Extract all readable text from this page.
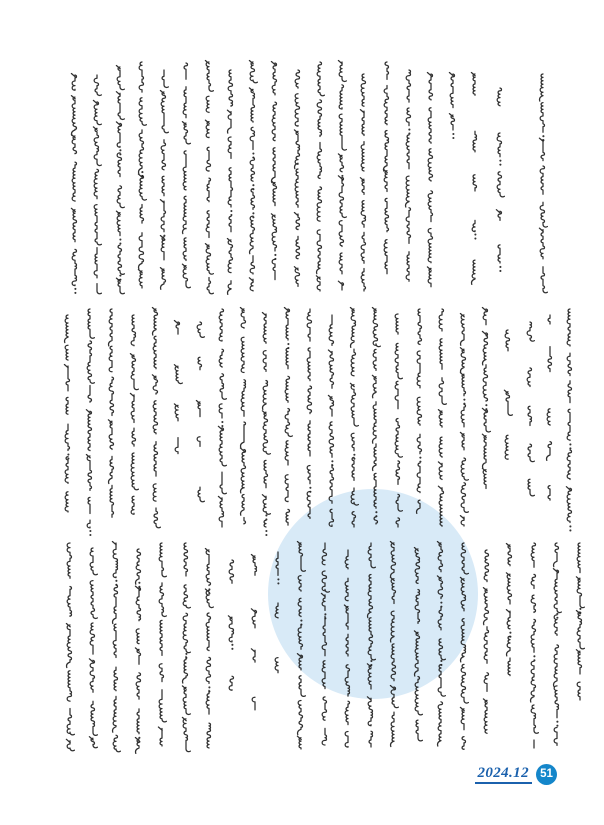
2024.12 51
